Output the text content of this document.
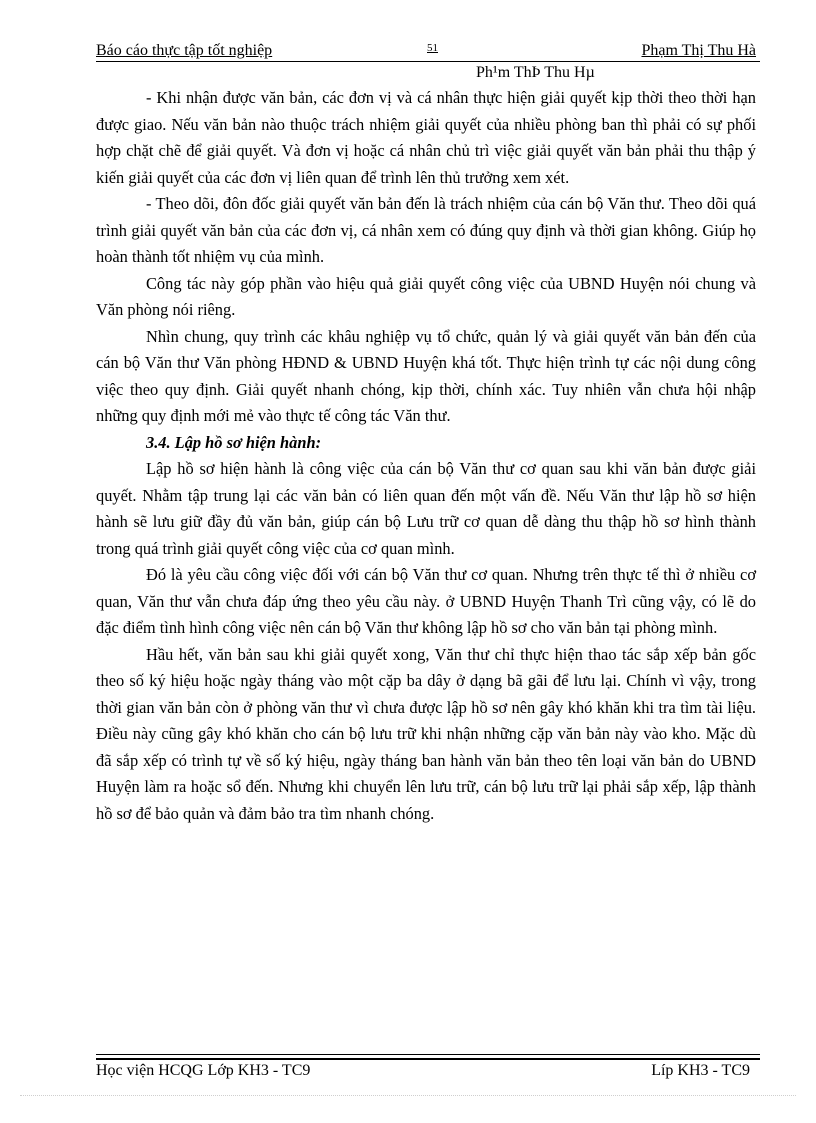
Báo cáo thực tập tốt nghiệp	51	Phạm Thị Thu Hà
Ph¹m ThÞ Thu Hµ

- Khi nhận được văn bản, các đơn vị và cá nhân thực hiện giải quyết kịp thời theo thời hạn được giao. Nếu văn bản nào thuộc trách nhiệm giải quyết của nhiều phòng ban thì phải có sự phối hợp chặt chẽ để giải quyết. Và đơn vị hoặc cá nhân chủ trì việc giải quyết văn bản phải thu thập ý kiến giải quyết của các đơn vị liên quan để trình lên thủ trưởng xem xét.

- Theo dõi, đôn đốc giải quyết văn bản đến là trách nhiệm của cán bộ Văn thư. Theo dõi quá trình giải quyết văn bản của các đơn vị, cá nhân xem có đúng quy định và thời gian không. Giúp họ hoàn thành tốt nhiệm vụ của mình.

Công tác này góp phần vào hiệu quả giải quyết công việc của UBND Huyện nói chung và Văn phòng nói riêng.

Nhìn chung, quy trình các khâu nghiệp vụ tổ chức, quản lý và giải quyết văn bản đến của cán bộ Văn thư Văn phòng HĐND & UBND Huyện khá tốt. Thực hiện trình tự các nội dung công việc theo quy định. Giải quyết nhanh chóng, kịp thời, chính xác. Tuy nhiên vẫn chưa hội nhập những quy định mới mẻ vào thực tế công tác Văn thư.

3.4. Lập hồ sơ hiện hành:

Lập hồ sơ hiện hành là công việc của cán bộ Văn thư cơ quan sau khi văn bản được giải quyết. Nhằm tập trung lại các văn bản có liên quan đến một vấn đề. Nếu Văn thư lập hồ sơ hiện hành sẽ lưu giữ đầy đủ văn bản, giúp cán bộ Lưu trữ cơ quan dễ dàng thu thập hồ sơ hình thành trong quá trình giải quyết công việc của cơ quan mình.

Đó là yêu cầu công việc đối với cán bộ Văn thư cơ quan. Nhưng trên thực tế thì ở nhiều cơ quan, Văn thư vẫn chưa đáp ứng theo yêu cầu này. ở UBND Huyện Thanh Trì cũng vậy, có lẽ do đặc điểm tình hình công việc nên cán bộ Văn thư không lập hồ sơ cho văn bản tại phòng mình.

Hầu hết, văn bản sau khi giải quyết xong, Văn thư chỉ thực hiện thao tác sắp xếp bản gốc theo số ký hiệu hoặc ngày tháng vào một cặp ba dây ở dạng bã gãi để lưu lại. Chính vì vậy, trong thời gian văn bản còn ở phòng văn thư vì chưa được lập hồ sơ nên gây khó khăn khi tra tìm tài liệu. Điều này cũng gây khó khăn cho cán bộ lưu trữ khi nhận những cặp văn bản này vào kho. Mặc dù đã sắp xếp có trình tự về số ký hiệu, ngày tháng ban hành văn bản theo tên loại văn bản do UBND Huyện làm ra hoặc sổ đến. Nhưng khi chuyển lên lưu trữ, cán bộ lưu trữ lại phải sắp xếp, lập thành hồ sơ để bảo quản và đảm bảo tra tìm nhanh chóng.

Học viện HCQG Lớp KH3 - TC9	Líp KH3 - TC9
